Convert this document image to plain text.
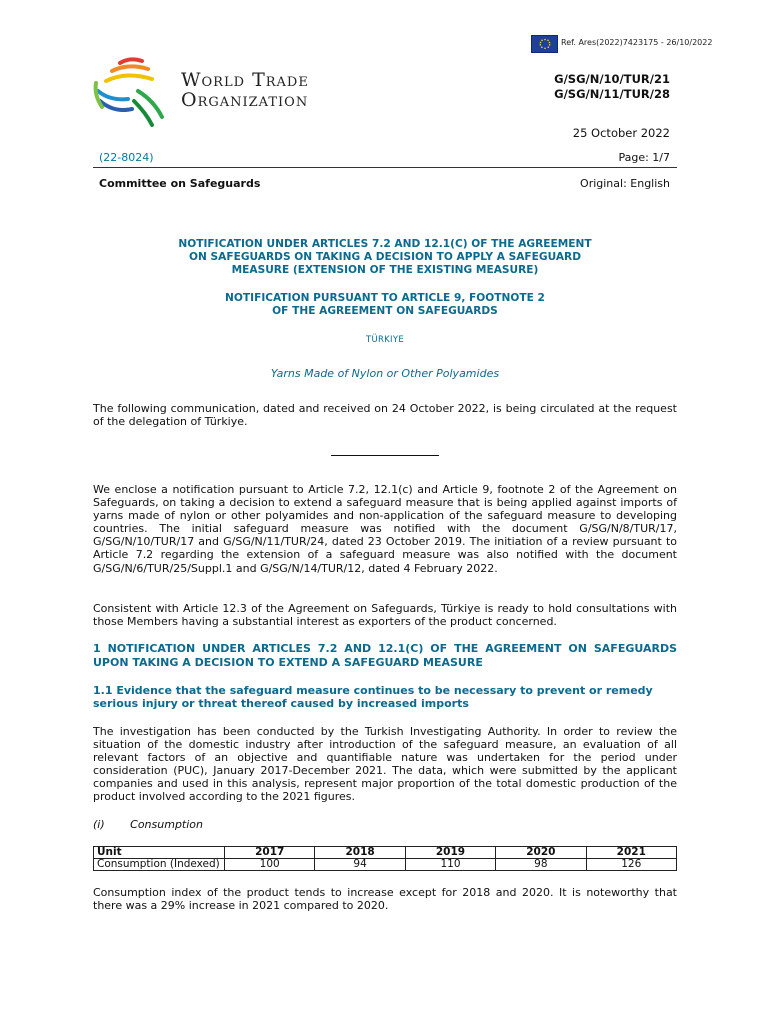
Ref. Ares(2022)7423175 - 26/10/2022
World Trade
Organization
G/SG/N/10/TUR/21
G/SG/N/11/TUR/28
25 October 2022
(22-8024)	Page: 1/7
Committee on Safeguards	Original: English
NOTIFICATION UNDER ARTICLES 7.2 AND 12.1(C) OF THE AGREEMENT
ON SAFEGUARDS ON TAKING A DECISION TO APPLY A SAFEGUARD
MEASURE (EXTENSION OF THE EXISTING MEASURE)
NOTIFICATION PURSUANT TO ARTICLE 9, FOOTNOTE 2
OF THE AGREEMENT ON SAFEGUARDS
TÜRKIYE
Yarns Made of Nylon or Other Polyamides
The following communication, dated and received on 24 October 2022, is being circulated at the request of the delegation of Türkiye.
We enclose a notification pursuant to Article 7.2, 12.1(c) and Article 9, footnote 2 of the Agreement on Safeguards, on taking a decision to extend a safeguard measure that is being applied against imports of yarns made of nylon or other polyamides and non-application of the safeguard measure to developing countries. The initial safeguard measure was notified with the document G/SG/N/8/TUR/17, G/SG/N/10/TUR/17 and G/SG/N/11/TUR/24, dated 23 October 2019. The initiation of a review pursuant to Article 7.2 regarding the extension of a safeguard measure was also notified with the document G/SG/N/6/TUR/25/Suppl.1 and G/SG/N/14/TUR/12, dated 4 February 2022.
Consistent with Article 12.3 of the Agreement on Safeguards, Türkiye is ready to hold consultations with those Members having a substantial interest as exporters of the product concerned.
1 NOTIFICATION UNDER ARTICLES 7.2 AND 12.1(C) OF THE AGREEMENT ON SAFEGUARDS UPON TAKING A DECISION TO EXTEND A SAFEGUARD MEASURE
1.1 Evidence that the safeguard measure continues to be necessary to prevent or remedy serious injury or threat thereof caused by increased imports
The investigation has been conducted by the Turkish Investigating Authority. In order to review the situation of the domestic industry after introduction of the safeguard measure, an evaluation of all relevant factors of an objective and quantifiable nature was undertaken for the period under consideration (PUC), January 2017-December 2021. The data, which were submitted by the applicant companies and used in this analysis, represent major proportion of the total domestic production of the product involved according to the 2021 figures.
(i) Consumption
Unit	2017	2018	2019	2020	2021
Consumption (Indexed)	100	94	110	98	126
Consumption index of the product tends to increase except for 2018 and 2020. It is noteworthy that there was a 29% increase in 2021 compared to 2020.
